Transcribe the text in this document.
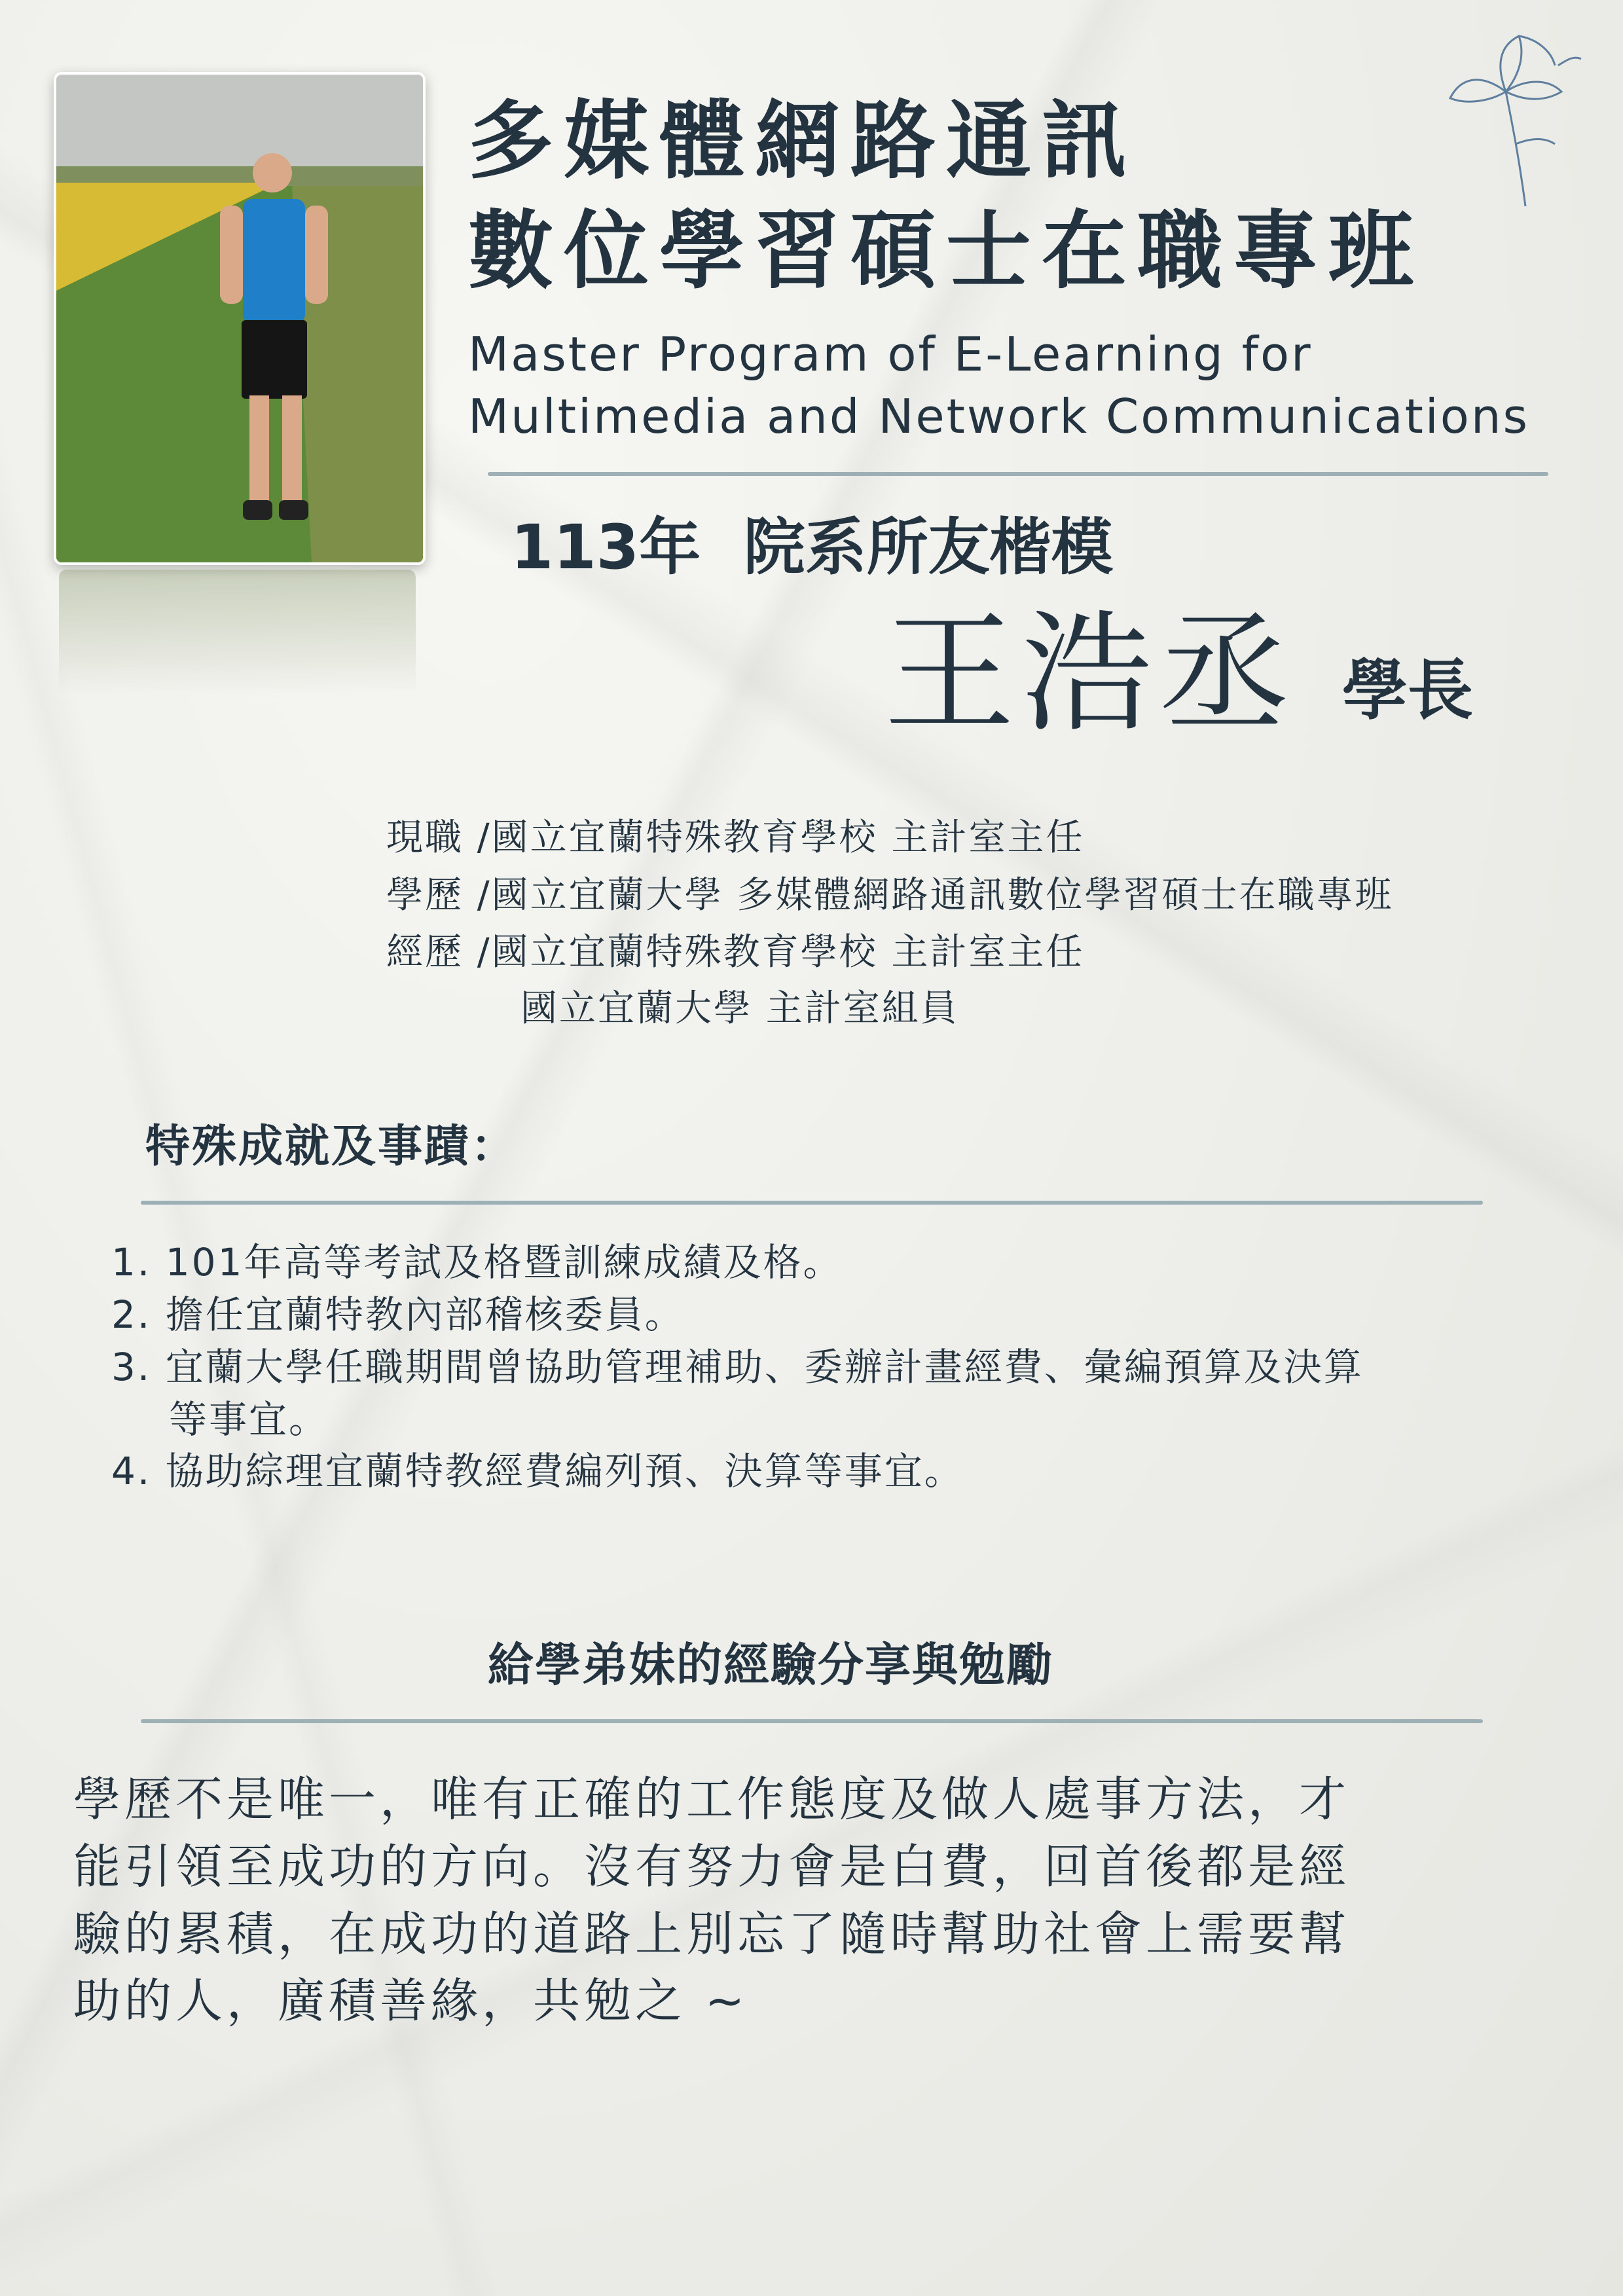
多媒體網路通訊
數位學習碩士在職專班
Master Program of E-Learning for
Multimedia and Network Communications
113年  院系所友楷模
王浩丞 學長
現職 /國立宜蘭特殊教育學校 主計室主任
學歷 /國立宜蘭大學 多媒體網路通訊數位學習碩士在職專班
經歷 /國立宜蘭特殊教育學校 主計室主任
國立宜蘭大學 主計室組員
特殊成就及事蹟：
1. 101年高等考試及格暨訓練成績及格。
2. 擔任宜蘭特教內部稽核委員。
3. 宜蘭大學任職期間曾協助管理補助、委辦計畫經費、彙編預算及決算
等事宜。
4. 協助綜理宜蘭特教經費編列預、決算等事宜。
給學弟妹的經驗分享與勉勵
學歷不是唯一，唯有正確的工作態度及做人處事方法，才
能引領至成功的方向。沒有努力會是白費，回首後都是經
驗的累積，在成功的道路上別忘了隨時幫助社會上需要幫
助的人，廣積善緣，共勉之 ~
